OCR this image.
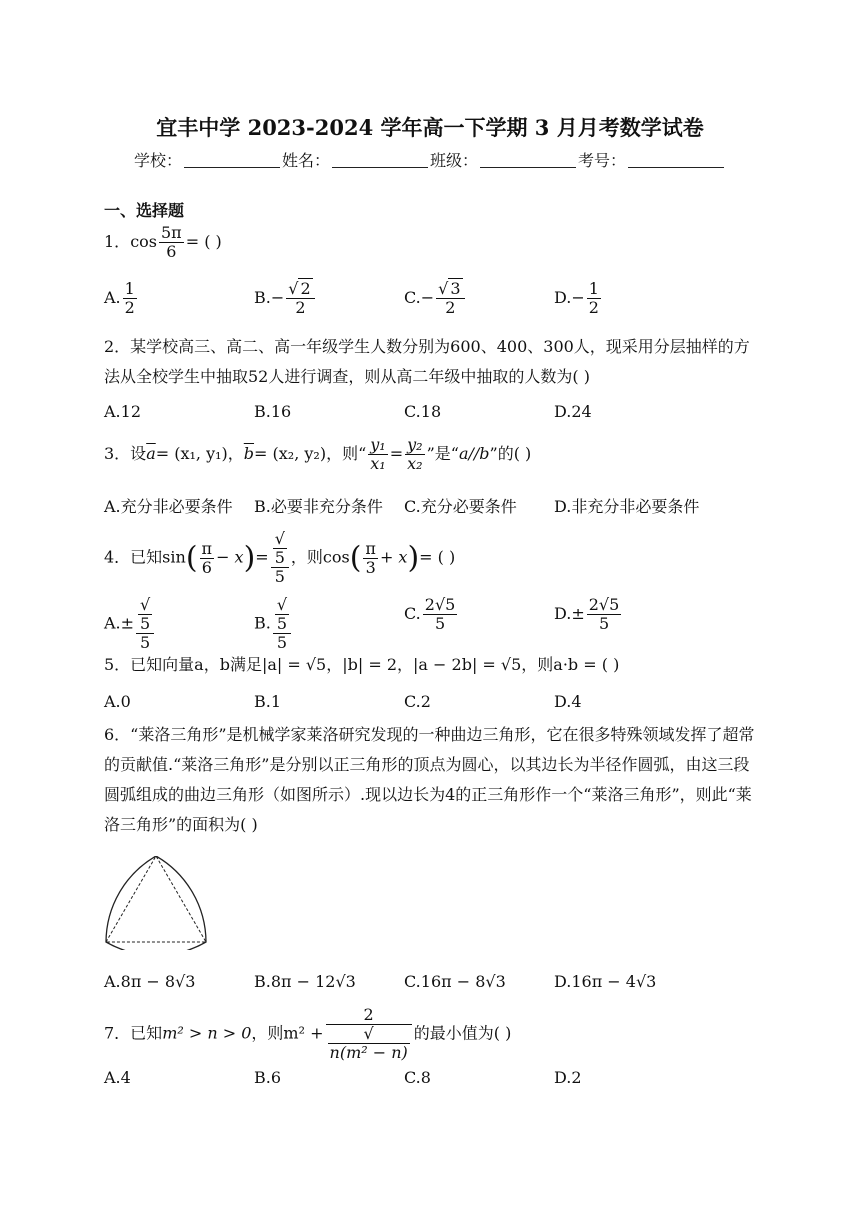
宜丰中学 2023-2024 学年高一下学期 3 月月考数学试卷
学校：	姓名：	班级：	考号：
一、选择题
1．$\cos \frac{5\pi}{6}$ = ( )
A. $\frac{1}{2}$	$B.- \frac{√ 2}{2}$	$C.- \frac{√ 3}{2}$	$D.- \frac{1}{2}$
2．某学校高三、高二、高一年级学生人数分别为600、400、300人，现采用分层抽样的方法从全校学生中抽取52人进行调查，则从高二年级中抽取的人数为( )
A.12	B.16	C.18	D.24
3．设$\overline{a}= (x_1$, y₁)，$\overline{b}= (x_2$, y₂)，则“ $\frac{\text{y₁}}{\text{x₁}} = \frac{\text{y₂}}{\text{x₂}}$ ”是“a//b”的( )
A.充分非必要条件 B.必要非充分条件 C.充分必要条件 D.非充分非必要条件
4．已知$\sin( \frac{\pi}{6} - x)=$ √
5
5 ，则$\cos( \frac{\pi}{3} + x)=$ ( )
A.± √
5
5	B. √
5
5	C. $\frac{2√5}{5}$	$D.\pm \frac{2√5}{5}$
5．已知向量a，b满足|a| = √5，|b| = 2，|a − 2b| = √5，则a·b = ( )
A.0	B.1	C.2	D.4
6．“莱洛三角形”是机械学家莱洛研究发现的一种曲边三角形，它在很多特殊领域发挥了超常的贡献值.“莱洛三角形”是分别以正三角形的顶点为圆心，以其边长为半径作圆弧，由这三段圆弧组成的曲边三角形（如图所示）.现以边长为4的正三角形作一个“莱洛三角形”，则此“莱洛三角形”的面积为( )
A.8π − 8√3	B.8π − 12√3	C.16π − 8√3	D.16π − 4√3
7．已知m² > n > 0，则m² + 2
√
n(m² − n) 的最小值为( )
A.4	B.6	C.8	D.2
